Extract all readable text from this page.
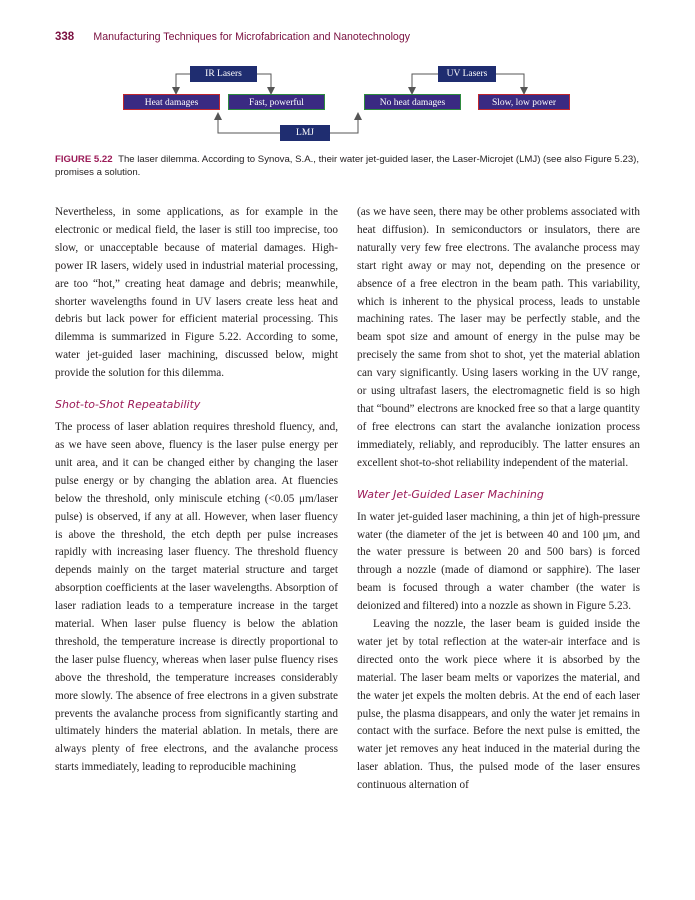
338 Manufacturing Techniques for Microfabrication and Nanotechnology
IR Lasers	UV Lasers
Heat damages	Fast, powerful	No heat damages	Slow, low power
LMJ
FIGURE 5.22 The laser dilemma. According to Synova, S.A., their water jet-guided laser, the Laser-Microjet (LMJ) (see also Figure 5.23), promises a solution.

Nevertheless, in some applications, as for example in the electronic or medical field, the laser is still too imprecise, too slow, or unacceptable because of material damages. High-power IR lasers, widely used in industrial material processing, are too “hot,” creating heat damage and debris; meanwhile, shorter wavelengths found in UV lasers create less heat and debris but lack power for efficient material processing. This dilemma is summarized in Figure 5.22. According to some, water jet-guided laser machining, discussed below, might provide the solution for this dilemma.

Shot-to-Shot Repeatability

The process of laser ablation requires threshold fluency, and, as we have seen above, fluency is the laser pulse energy per unit area, and it can be changed either by changing the laser pulse energy or by changing the ablation area. At fluencies below the threshold, only miniscule etching (<0.05 μm/laser pulse) is observed, if any at all. However, when laser fluency is above the threshold, the etch depth per pulse increases rapidly with increasing laser fluency. The threshold fluency depends mainly on the target material structure and target absorption coefficients at the laser wavelengths. Absorption of laser radiation leads to a temperature increase in the target material. When laser pulse fluency is below the ablation threshold, the temperature increase is directly proportional to the laser pulse fluency, whereas when laser pulse fluency rises above the threshold, the temperature increases considerably more slowly. The absence of free electrons in a given substrate prevents the avalanche process from significantly starting and ultimately hinders the material ablation. In metals, there are always plenty of free electrons, and the avalanche process starts immediately, leading to reproducible machining

(as we have seen, there may be other problems associated with heat diffusion). In semiconductors or insulators, there are naturally very few free electrons. The avalanche process may start right away or may not, depending on the presence or absence of a free electron in the beam path. This variability, which is inherent to the physical process, leads to unstable machining rates. The laser may be perfectly stable, and the beam spot size and amount of energy in the pulse may be precisely the same from shot to shot, yet the material ablation can vary significantly. Using lasers working in the UV range, or using ultrafast lasers, the electromagnetic field is so high that “bound” electrons are knocked free so that a large quantity of free electrons can start the avalanche ionization process immediately, reliably, and reproducibly. The latter ensures an excellent shot-to-shot reliability independent of the material.

Water Jet-Guided Laser Machining

In water jet-guided laser machining, a thin jet of high-pressure water (the diameter of the jet is between 40 and 100 μm, and the water pressure is between 20 and 500 bars) is forced through a nozzle (made of diamond or sapphire). The laser beam is focused through a water chamber (the water is deionized and filtered) into a nozzle as shown in Figure 5.23.

Leaving the nozzle, the laser beam is guided inside the water jet by total reflection at the water-air interface and is directed onto the work piece where it is absorbed by the material. The laser beam melts or vaporizes the material, and the water jet expels the molten debris. At the end of each laser pulse, the plasma disappears, and only the water jet remains in contact with the surface. Before the next pulse is emitted, the water jet removes any heat induced in the material during the laser ablation. Thus, the pulsed mode of the laser ensures continuous alternation of
